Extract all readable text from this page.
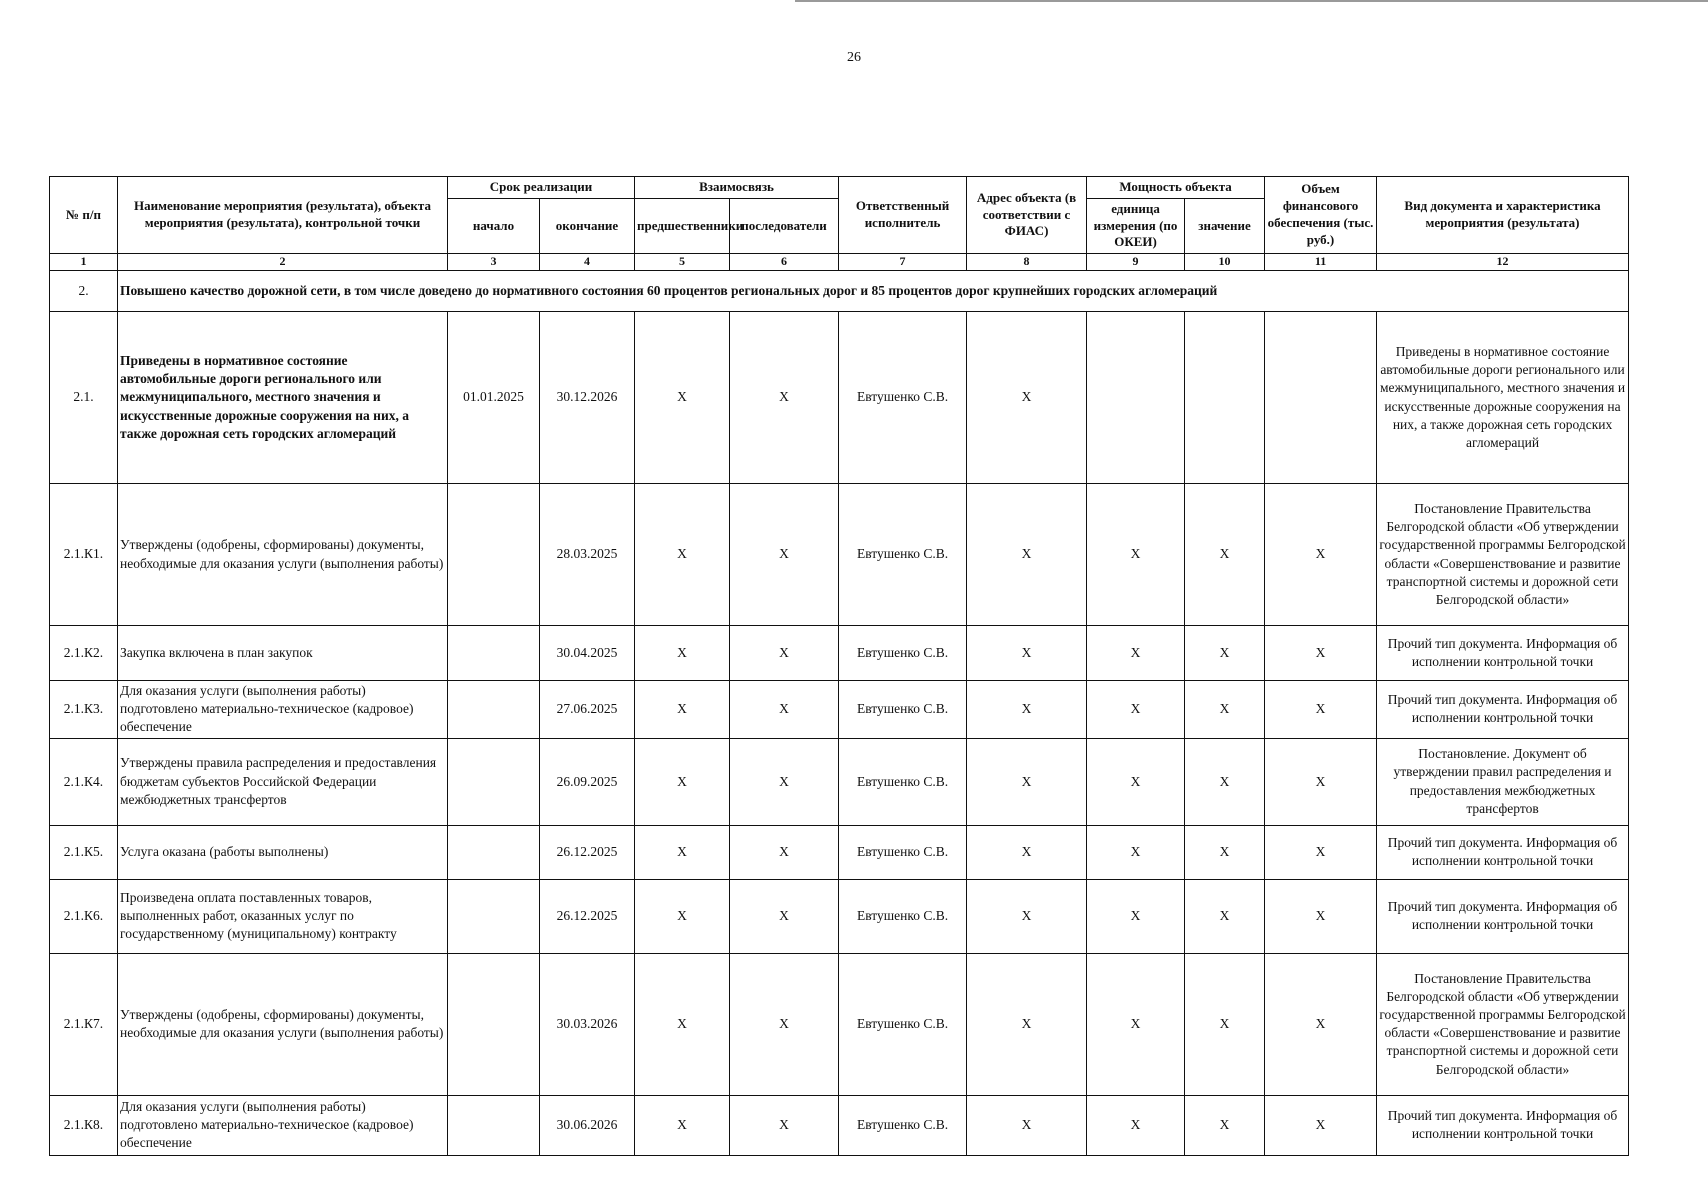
26
№ п/п	Наименование мероприятия (результата), объекта мероприятия (результата), контрольной точки	Срок реализации		Взаимосвязь		Ответственный исполнитель	Адрес объекта (в соответствии с ФИАС)	Мощность объекта		Объем финансового обеспечения (тыс. руб.)	Вид документа и характеристика мероприятия (результата)
		начало	окончание	предшественники	последователи			единица измерения (по ОКЕИ)	значение		
1	2	3	4	5	6	7	8	9	10	11	12
2.	Повышено качество дорожной сети, в том числе доведено до нормативного состояния 60 процентов региональных дорог и 85 процентов дорог крупнейших городских агломераций										
2.1.	Приведены в нормативное состояние автомобильные дороги регионального или межмуниципального, местного значения и искусственные дорожные сооружения на них, а также дорожная сеть городских агломераций	01.01.2025	30.12.2026	X	X	Евтушенко С.В.	X				Приведены в нормативное состояние автомобильные дороги регионального или межмуниципального, местного значения и искусственные дорожные сооружения на них, а также дорожная сеть городских агломераций
2.1.К1.	Утверждены (одобрены, сформированы) документы, необходимые для оказания услуги (выполнения работы)		28.03.2025	X	X	Евтушенко С.В.	X	X	X	X	Постановление Правительства Белгородской области «Об утверждении государственной программы Белгородской области «Совершенствование и развитие транспортной системы и дорожной сети Белгородской области»
2.1.К2.	Закупка включена в план закупок		30.04.2025	X	X	Евтушенко С.В.	X	X	X	X	Прочий тип документа. Информация об исполнении контрольной точки
2.1.К3.	Для оказания услуги (выполнения работы) подготовлено материально-техническое (кадровое) обеспечение		27.06.2025	X	X	Евтушенко С.В.	X	X	X	X	Прочий тип документа. Информация об исполнении контрольной точки
2.1.К4.	Утверждены правила распределения и предоставления бюджетам субъектов Российской Федерации межбюджетных трансфертов		26.09.2025	X	X	Евтушенко С.В.	X	X	X	X	Постановление. Документ об утверждении правил распределения и предоставления межбюджетных трансфертов
2.1.К5.	Услуга оказана (работы выполнены)		26.12.2025	X	X	Евтушенко С.В.	X	X	X	X	Прочий тип документа. Информация об исполнении контрольной точки
2.1.К6.	Произведена оплата поставленных товаров, выполненных работ, оказанных услуг по государственному (муниципальному) контракту		26.12.2025	X	X	Евтушенко С.В.	X	X	X	X	Прочий тип документа. Информация об исполнении контрольной точки
2.1.К7.	Утверждены (одобрены, сформированы) документы, необходимые для оказания услуги (выполнения работы)		30.03.2026	X	X	Евтушенко С.В.	X	X	X	X	Постановление Правительства Белгородской области «Об утверждении государственной программы Белгородской области «Совершенствование и развитие транспортной системы и дорожной сети Белгородской области»
2.1.К8.	Для оказания услуги (выполнения работы) подготовлено материально-техническое (кадровое) обеспечение		30.06.2026	X	X	Евтушенко С.В.	X	X	X	X	Прочий тип документа. Информация об исполнении контрольной точки
